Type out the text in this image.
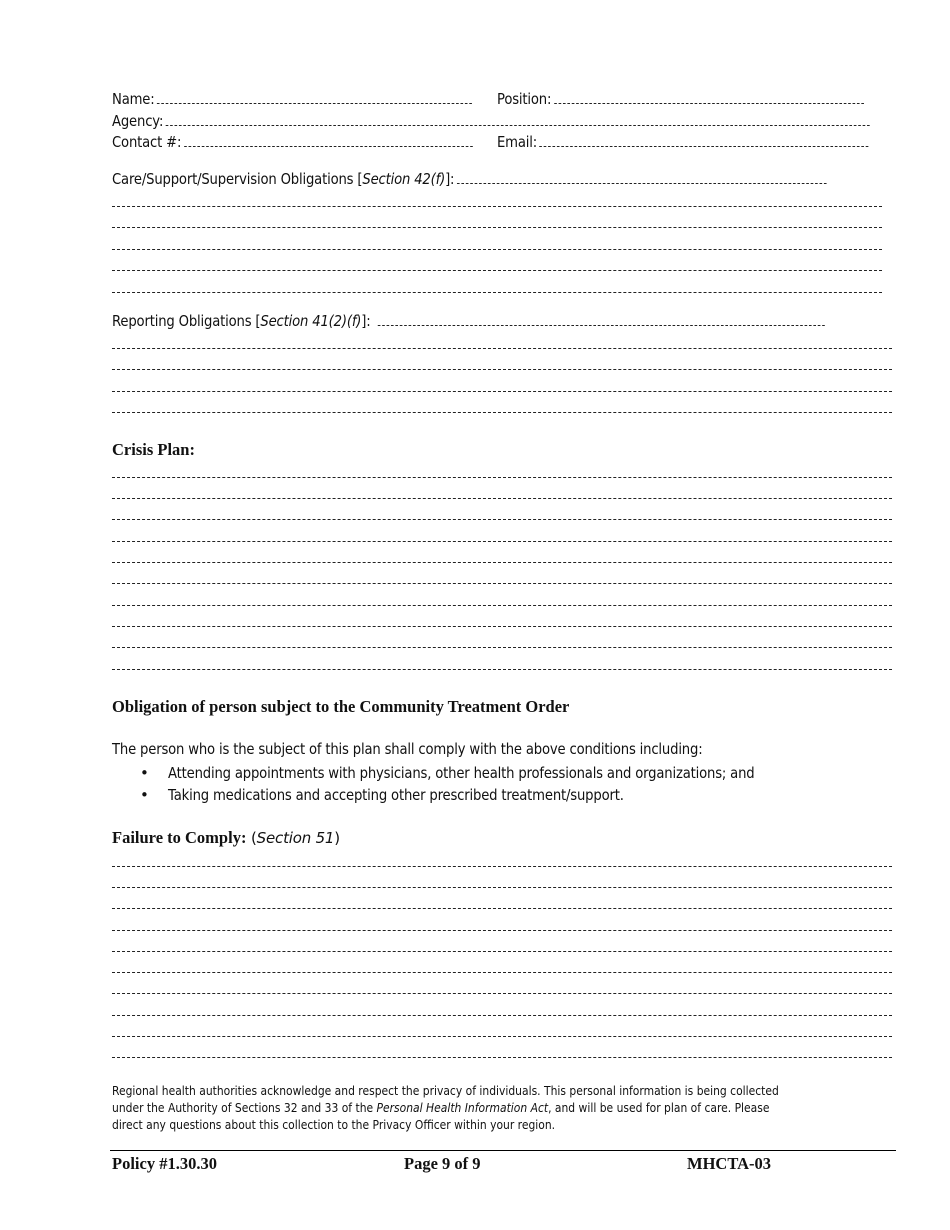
Name:	Position:
Agency:
Contact #:	Email:
Care/Support/Supervision Obligations [Section 42(f)]:
Reporting Obligations [Section 41(2)(f)]:
Crisis Plan:
Obligation of person subject to the Community Treatment Order
The person who is the subject of this plan shall comply with the above conditions including:
• Attending appointments with physicians, other health professionals and organizations; and
• Taking medications and accepting other prescribed treatment/support.
Failure to Comply: (Section 51)
Regional health authorities acknowledge and respect the privacy of individuals. This personal information is being collected
under the Authority of Sections 32 and 33 of the Personal Health Information Act, and will be used for plan of care. Please
direct any questions about this collection to the Privacy Officer within your region.
Policy #1.30.30	Page 9 of 9	MHCTA-03
